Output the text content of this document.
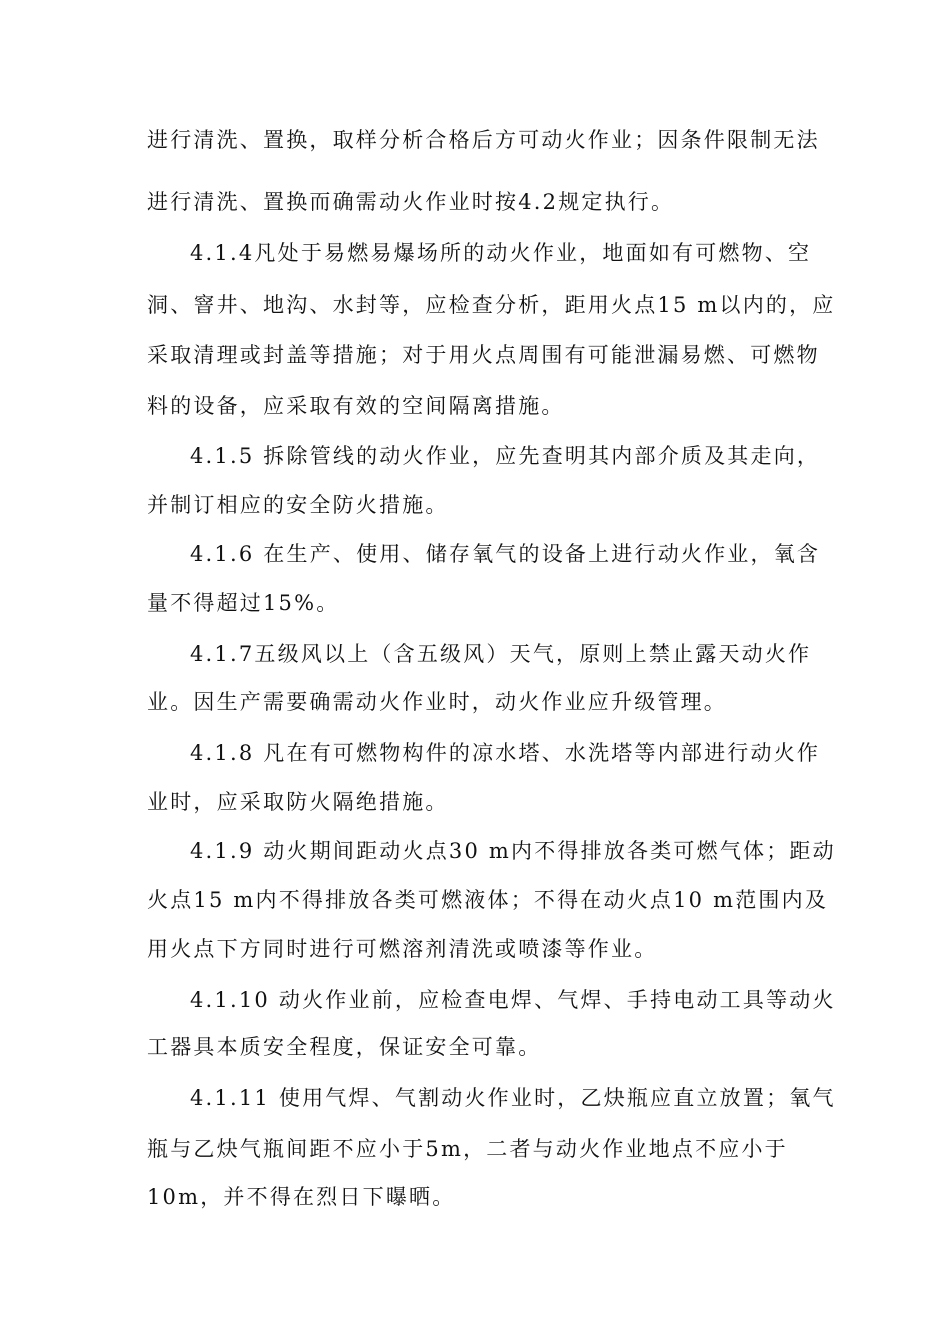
进行清洗、置换，取样分析合格后方可动火作业；因条件限制无法
进行清洗、置换而确需动火作业时按4.2规定执行。
4.1.4凡处于易燃易爆场所的动火作业，地面如有可燃物、空
洞、窨井、地沟、水封等，应检查分析，距用火点15 m以内的，应
采取清理或封盖等措施；对于用火点周围有可能泄漏易燃、可燃物
料的设备，应采取有效的空间隔离措施。
4.1.5 拆除管线的动火作业，应先查明其内部介质及其走向，
并制订相应的安全防火措施。
4.1.6 在生产、使用、储存氧气的设备上进行动火作业，氧含
量不得超过15%。
4.1.7五级风以上（含五级风）天气，原则上禁止露天动火作
业。因生产需要确需动火作业时，动火作业应升级管理。
4.1.8 凡在有可燃物构件的凉水塔、水洗塔等内部进行动火作
业时，应采取防火隔绝措施。
4.1.9 动火期间距动火点30 m内不得排放各类可燃气体；距动
火点15 m内不得排放各类可燃液体；不得在动火点10 m范围内及
用火点下方同时进行可燃溶剂清洗或喷漆等作业。
4.1.10 动火作业前，应检查电焊、气焊、手持电动工具等动火
工器具本质安全程度，保证安全可靠。
4.1.11 使用气焊、气割动火作业时，乙炔瓶应直立放置；氧气
瓶与乙炔气瓶间距不应小于5m，二者与动火作业地点不应小于
10m，并不得在烈日下曝晒。
